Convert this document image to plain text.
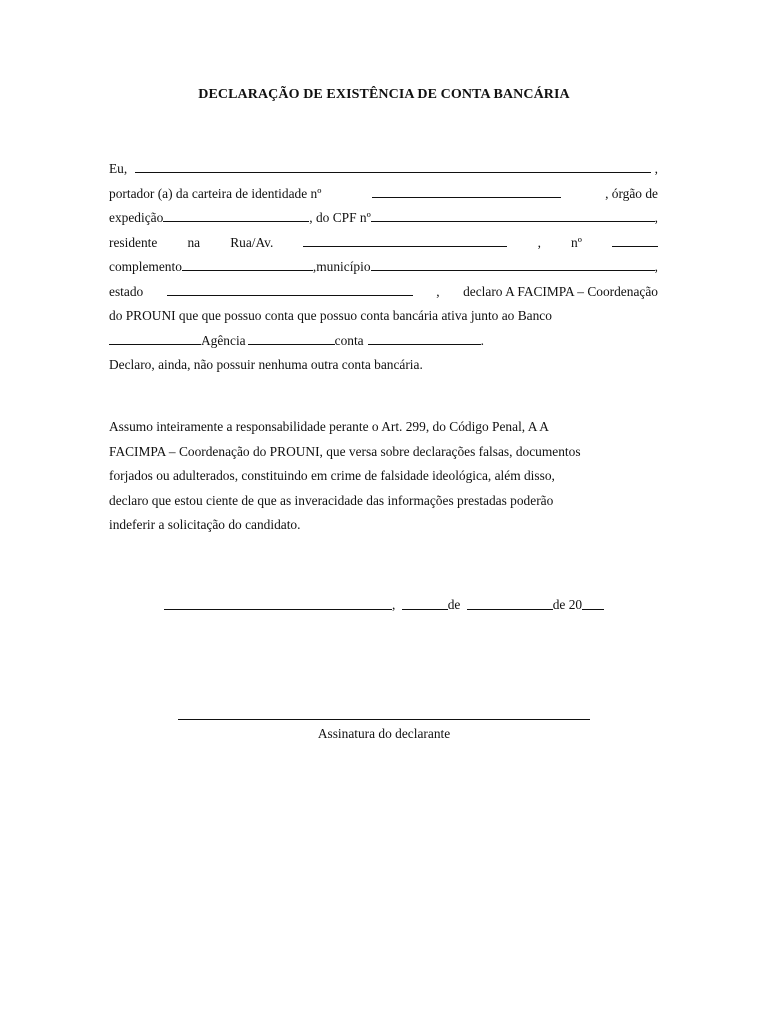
DECLARAÇÃO DE EXISTÊNCIA DE CONTA BANCÁRIA
Eu,	,
portador (a) da carteira de identidade nº	, órgão de
expedição	, do CPF nº	,
residente na Rua/Av.	, nº
complemento	,município	,
estado	, declaro A FACIMPA – Coordenação
do PROUNI que que possuo conta que possuo conta bancária ativa junto ao Banco
Agência	conta	.
Declaro, ainda, não possuir nenhuma outra conta bancária.
Assumo inteiramente a responsabilidade perante o Art. 299, do Código Penal, A A
FACIMPA – Coordenação do PROUNI, que versa sobre declarações falsas, documentos
forjados ou adulterados, constituindo em crime de falsidade ideológica, além disso,
declaro que estou ciente de que as inveracidade das informações prestadas poderão
indeferir a solicitação do candidato.
,	de	de 20
Assinatura do declarante
